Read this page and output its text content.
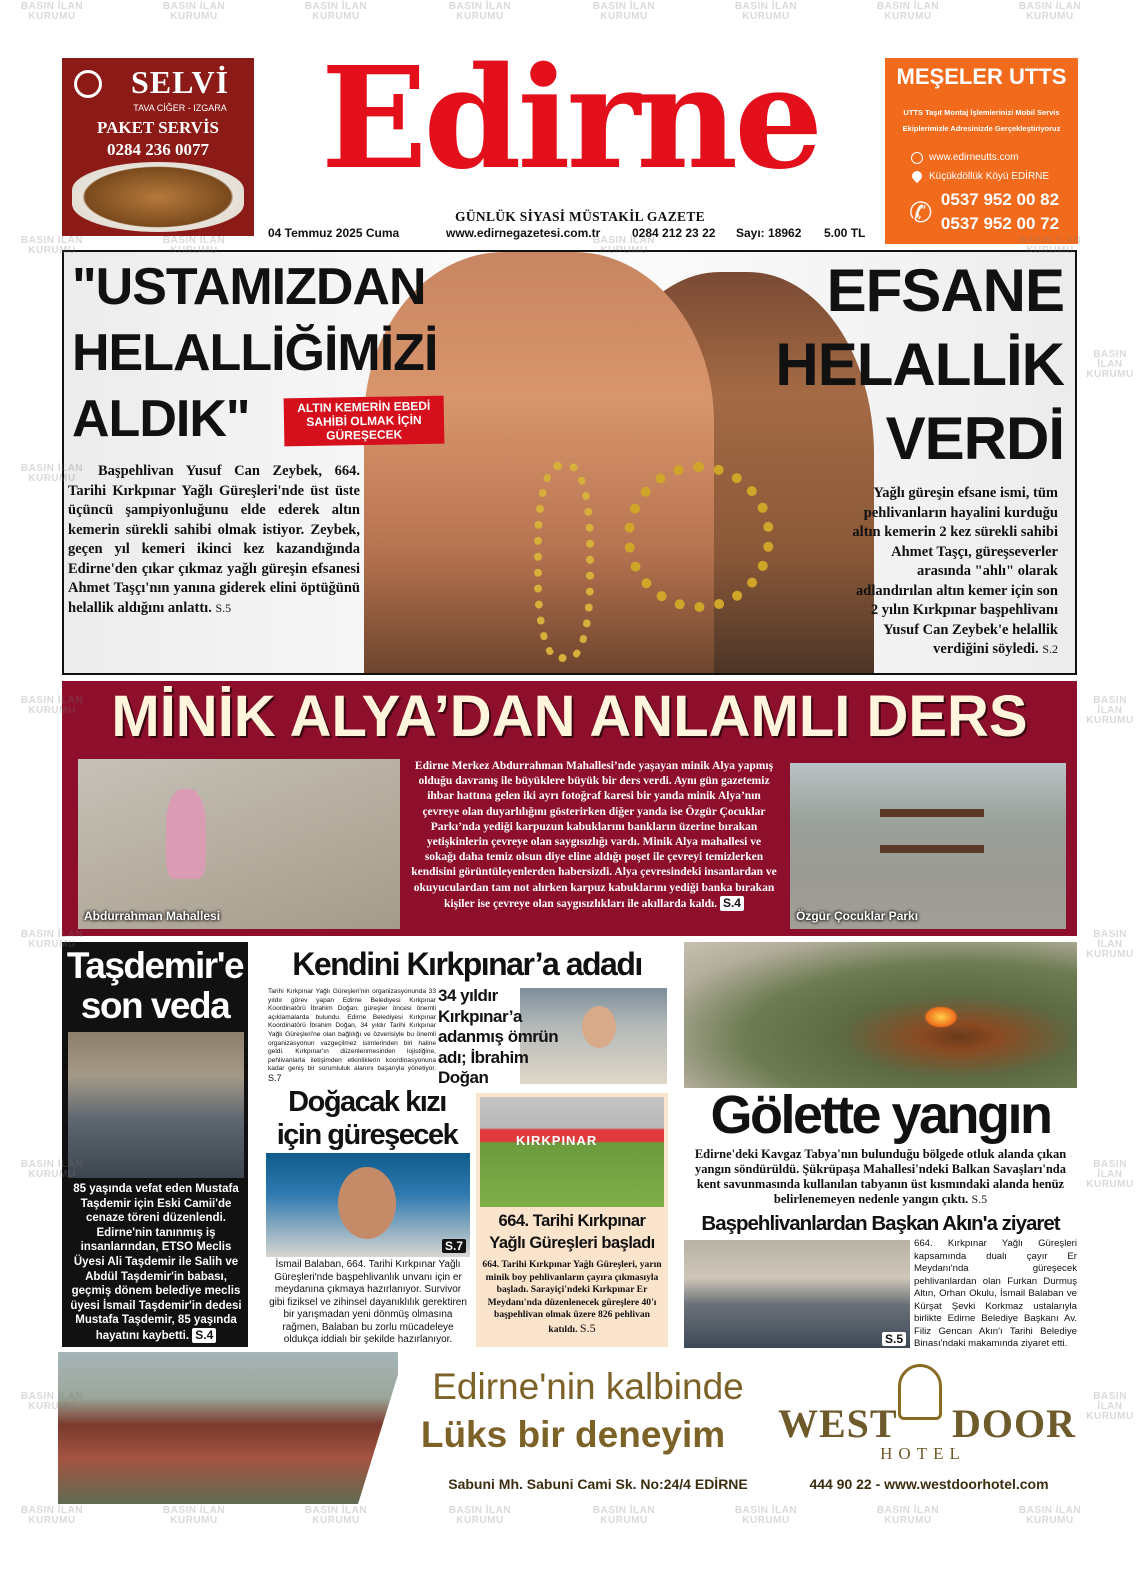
SELVİ
TAVA CİĞER - IZGARA
PAKET SERVİS
0284 236 0077 Edirne
GÜNLÜK SİYASİ MÜSTAKİL GAZETE
04 Temmuz 2025 Cuma	www.edirnegazetesi.com.tr	0284 212 23 22 Sayı: 18962 5.00 TL
MEŞELER UTTS
UTTS Taşıt Montaj İşlemlerinizi Mobil Servis
Ekiplerimizle Adresinizde Gerçekleştiriyoruz
www.edirneutts.com
Küçükdöllük Köyü EDİRNE
✆ 0537 952 00 82
0537 952 00 72
"USTAMIZDAN
HELALLİĞİMİZİ
ALDIK"	ALTIN KEMERİN EBEDİ SAHİBİ OLMAK İÇİN GÜREŞECEK
Başpehlivan Yusuf Can Zeybek, 664. Tarihi Kırkpınar Yağlı Güreşleri'nde üst üste üçüncü şampiyonluğunu elde ederek altın kemerin sürekli sahibi olmak istiyor. Zeybek, geçen yıl kemeri ikinci kez kazandığında Edirne'den çıkar çıkmaz yağlı güreşin efsanesi Ahmet Taşçı'nın yanına giderek elini öptüğünü helallik aldığını anlattı. S.5
EFSANE
HELALLİK
VERDİ
Yağlı güreşin efsane ismi, tüm pehlivanların hayalini kurduğu altın kemerin 2 kez sürekli sahibi Ahmet Taşçı, güreşseverler arasında "ahlı" olarak adlandırılan altın kemer için son 2 yılın Kırkpınar başpehlivanı Yusuf Can Zeybek'e helallik verdiğini söyledi. S.2
MİNİK ALYA’DAN ANLAMLI DERS
Abdurrahman Mahallesi
Edirne Merkez Abdurrahman Mahallesi’nde yaşayan minik Alya yapmış olduğu davranış ile büyüklere büyük bir ders verdi. Aynı gün gazetemiz ihbar hattına gelen iki ayrı fotoğraf karesi bir yanda minik Alya’nın çevreye olan duyarlılığını gösterirken diğer yanda ise Özgür Çocuklar Parkı’nda yediği karpuzun kabuklarını bankların üzerine bırakan yetişkinlerin çevreye olan saygısızlığı vardı. Minik Alya mahallesi ve sokağı daha temiz olsun diye eline aldığı poşet ile çevreyi temizlerken kendisini görüntüleyenlerden habersizdi. Alya çevresindeki insanlardan ve okuyuculardan tam not alırken karpuz kabuklarını yediği banka bırakan kişiler ise çevreye olan saygısızlıkları ile akıllarda kaldı. S.4
Özgür Çocuklar Parkı
Taşdemir'e
son veda
85 yaşında vefat eden Mustafa Taşdemir için Eski Camii'de cenaze töreni düzenlendi. Edirne'nin tanınmış iş insanlarından, ETSO Meclis Üyesi Ali Taşdemir ile Salih ve Abdül Taşdemir'in babası, geçmiş dönem belediye meclis üyesi İsmail Taşdemir'in dedesi Mustafa Taşdemir, 85 yaşında hayatını kaybetti. S.4
Kendini Kırkpınar’a adadı
Tarihi Kırkpınar Yağlı Güreşleri'nin organizasyonunda 33 yıldır görev yapan Edirne Belediyesi Kırkpınar Koordinatörü İbrahim Doğan, güreşler öncesi önemli açıklamalarda bulundu. Edirne Belediyesi Kırkpınar Koordinatörü İbrahim Doğan, 34 yıldır Tarihi Kırkpınar Yağlı Güreşleri'ne olan bağlılığı ve özverisiyle bu önemli organizasyonun vazgeçilmez isimlerinden biri haline geldi. Kırkpınar'ın düzenlenmesinden lojistiğine, pehlivanlarla iletişimden etkinliklerin koordinasyonuna kadar geniş bir sorumluluk alanını başarıyla yönetiyor. S.7
34 yıldır Kırkpınar’a adanmış ömrün adı; İbrahim Doğan
Doğacak kızı
için güreşecek
S.7
İsmail Balaban, 664. Tarihi Kırkpınar Yağlı Güreşleri'nde başpehlivanlık unvanı için er meydanına çıkmaya hazırlanıyor. Survivor gibi fiziksel ve zihinsel dayanıklılık gerektiren bir yarışmadan yeni dönmüş olmasına rağmen, Balaban bu zorlu mücadeleye oldukça iddialı bir şekilde hazırlanıyor.
KIRKPINAR
664. Tarihi Kırkpınar
Yağlı Güreşleri başladı
664. Tarihi Kırkpınar Yağlı Güreşleri, yarın minik boy pehlivanların çayıra çıkmasıyla başladı. Sarayiçi'ndeki Kırkpınar Er Meydanı'nda düzenlenecek güreşlere 40'ı başpehlivan olmak üzere 826 pehlivan katıldı. S.5
Gölette yangın
Edirne'deki Kavgaz Tabya'nın bulunduğu bölgede otluk alanda çıkan yangın söndürüldü. Şükrüpaşa Mahallesi'ndeki Balkan Savaşları'nda kent savunmasında kullanılan tabyanın üst kısmındaki alanda henüz belirlenemeyen nedenle yangın çıktı. S.5
Başpehlivanlardan Başkan Akın'a ziyaret
S.5
664. Kırkpınar Yağlı Güreşleri kapsamında dualı çayır Er Meydanı'nda güreşecek pehlivanlardan olan Furkan Durmuş Altın, Orhan Okulu, İsmail Balaban ve Kürşat Şevki Korkmaz ustalarıyla birlikte Edirne Belediye Başkanı Av. Filiz Gencan Akın'ı Tarihi Belediye Binası'ndaki makamında ziyaret etti.
Edirne'nin kalbinde
Lüks bir deneyim
Sabuni Mh. Sabuni Cami Sk. No:24/4 EDİRNE
WEST DOOR
HOTEL
444 90 22 - www.westdoorhotel.com
BASIN İLAN KURUMU
BASIN İLAN KURUMU
BASIN İLAN KURUMU
BASIN İLAN KURUMU
BASIN İLAN KURUMU
BASIN İLAN KURUMU
BASIN İLAN KURUMU
BASIN İLAN KURUMU
BASIN İLAN KURUMU
BASIN İLAN KURUMU
BASIN İLAN KURUMU
BASIN İLAN KURUMU
BASIN İLAN KURUMU
BASIN İLAN KURUMU
BASIN İLAN KURUMU
BASIN İLAN KURUMU
BASIN İLAN KURUMU
BASIN İLAN KURUMU
BASIN İLAN KURUMU
BASIN İLAN KURUMU
BASIN İLAN KURUMU
BASIN İLAN KURUMU
BASIN İLAN KURUMU
BASIN İLAN KURUMU
BASIN İLAN KURUMU
BASIN İLAN KURUMU
BASIN İLAN KURUMU
BASIN İLAN KURUMU
BASIN İLAN KURUMU
BASIN İLAN KURUMU
